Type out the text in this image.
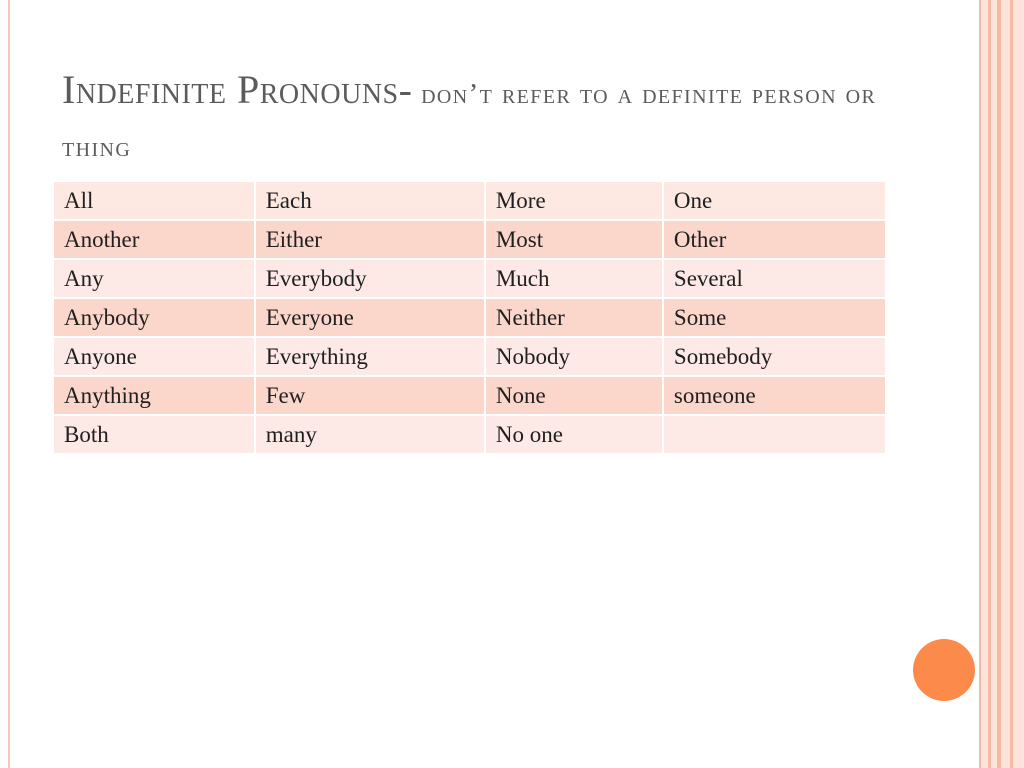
Indefinite Pronouns- don’t refer to a definite person or thing
All	Each	More	One
Another	Either	Most	Other
Any	Everybody	Much	Several
Anybody	Everyone	Neither	Some
Anyone	Everything	Nobody	Somebody
Anything	Few	None	someone
Both	many	No one	
